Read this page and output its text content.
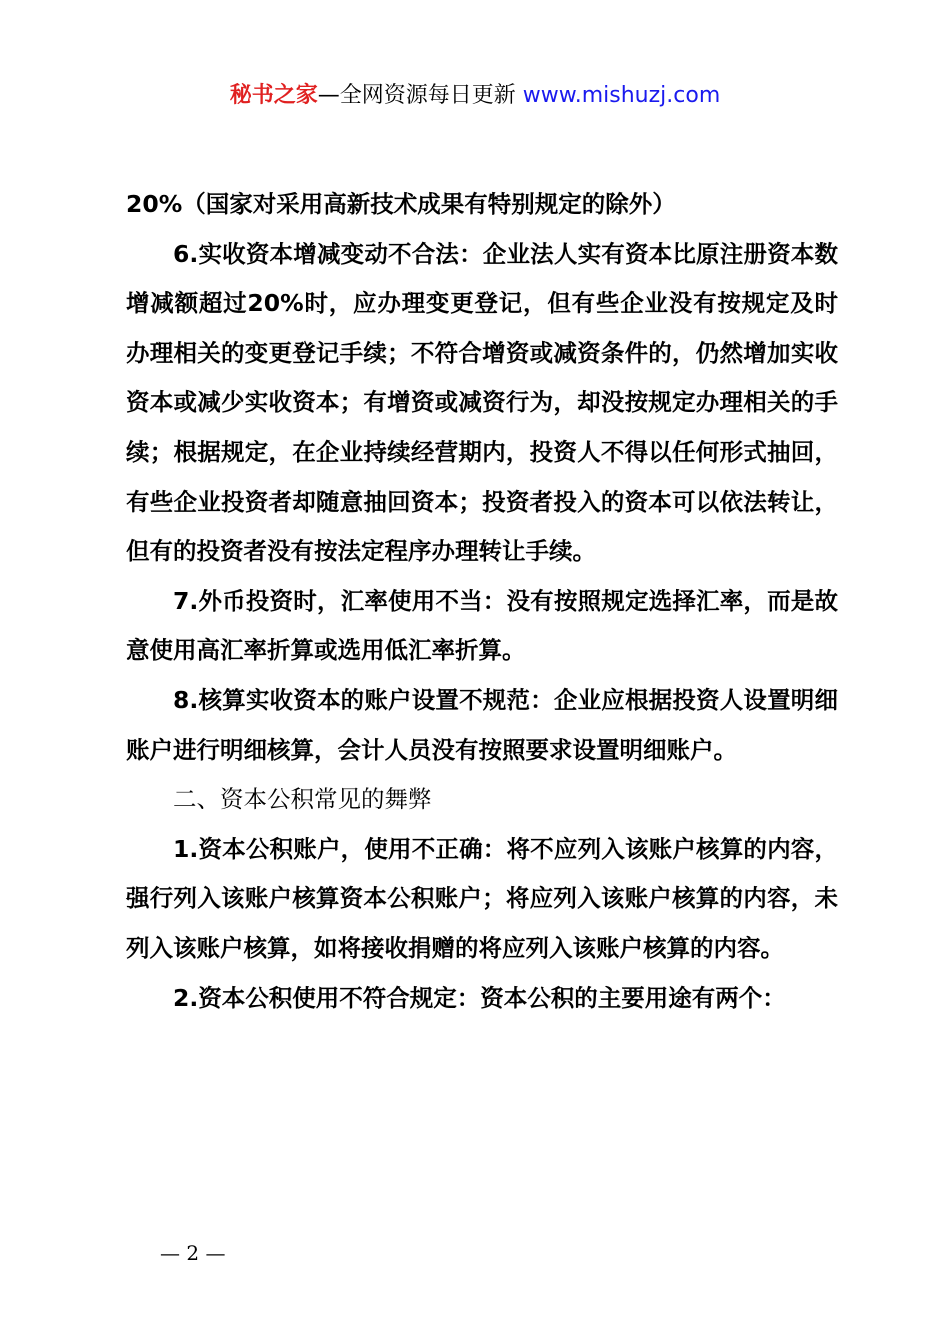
秘书之家—全网资源每日更新 www.mishuzj.com

20%（国家对采用高新技术成果有特别规定的除外）

6.实收资本增减变动不合法：企业法人实有资本比原注册资本数增减额超过20%时，应办理变更登记，但有些企业没有按规定及时办理相关的变更登记手续；不符合增资或减资条件的，仍然增加实收资本或减少实收资本；有增资或减资行为，却没按规定办理相关的手续；根据规定，在企业持续经营期内，投资人不得以任何形式抽回，有些企业投资者却随意抽回资本；投资者投入的资本可以依法转让，但有的投资者没有按法定程序办理转让手续。

7.外币投资时，汇率使用不当：没有按照规定选择汇率，而是故意使用高汇率折算或选用低汇率折算。

8.核算实收资本的账户设置不规范：企业应根据投资人设置明细账户进行明细核算，会计人员没有按照要求设置明细账户。

二、资本公积常见的舞弊

1.资本公积账户，使用不正确：将不应列入该账户核算的内容，强行列入该账户核算资本公积账户；将应列入该账户核算的内容，未列入该账户核算，如将接收捐赠的将应列入该账户核算的内容。

2.资本公积使用不符合规定：资本公积的主要用途有两个：

— 2 —
